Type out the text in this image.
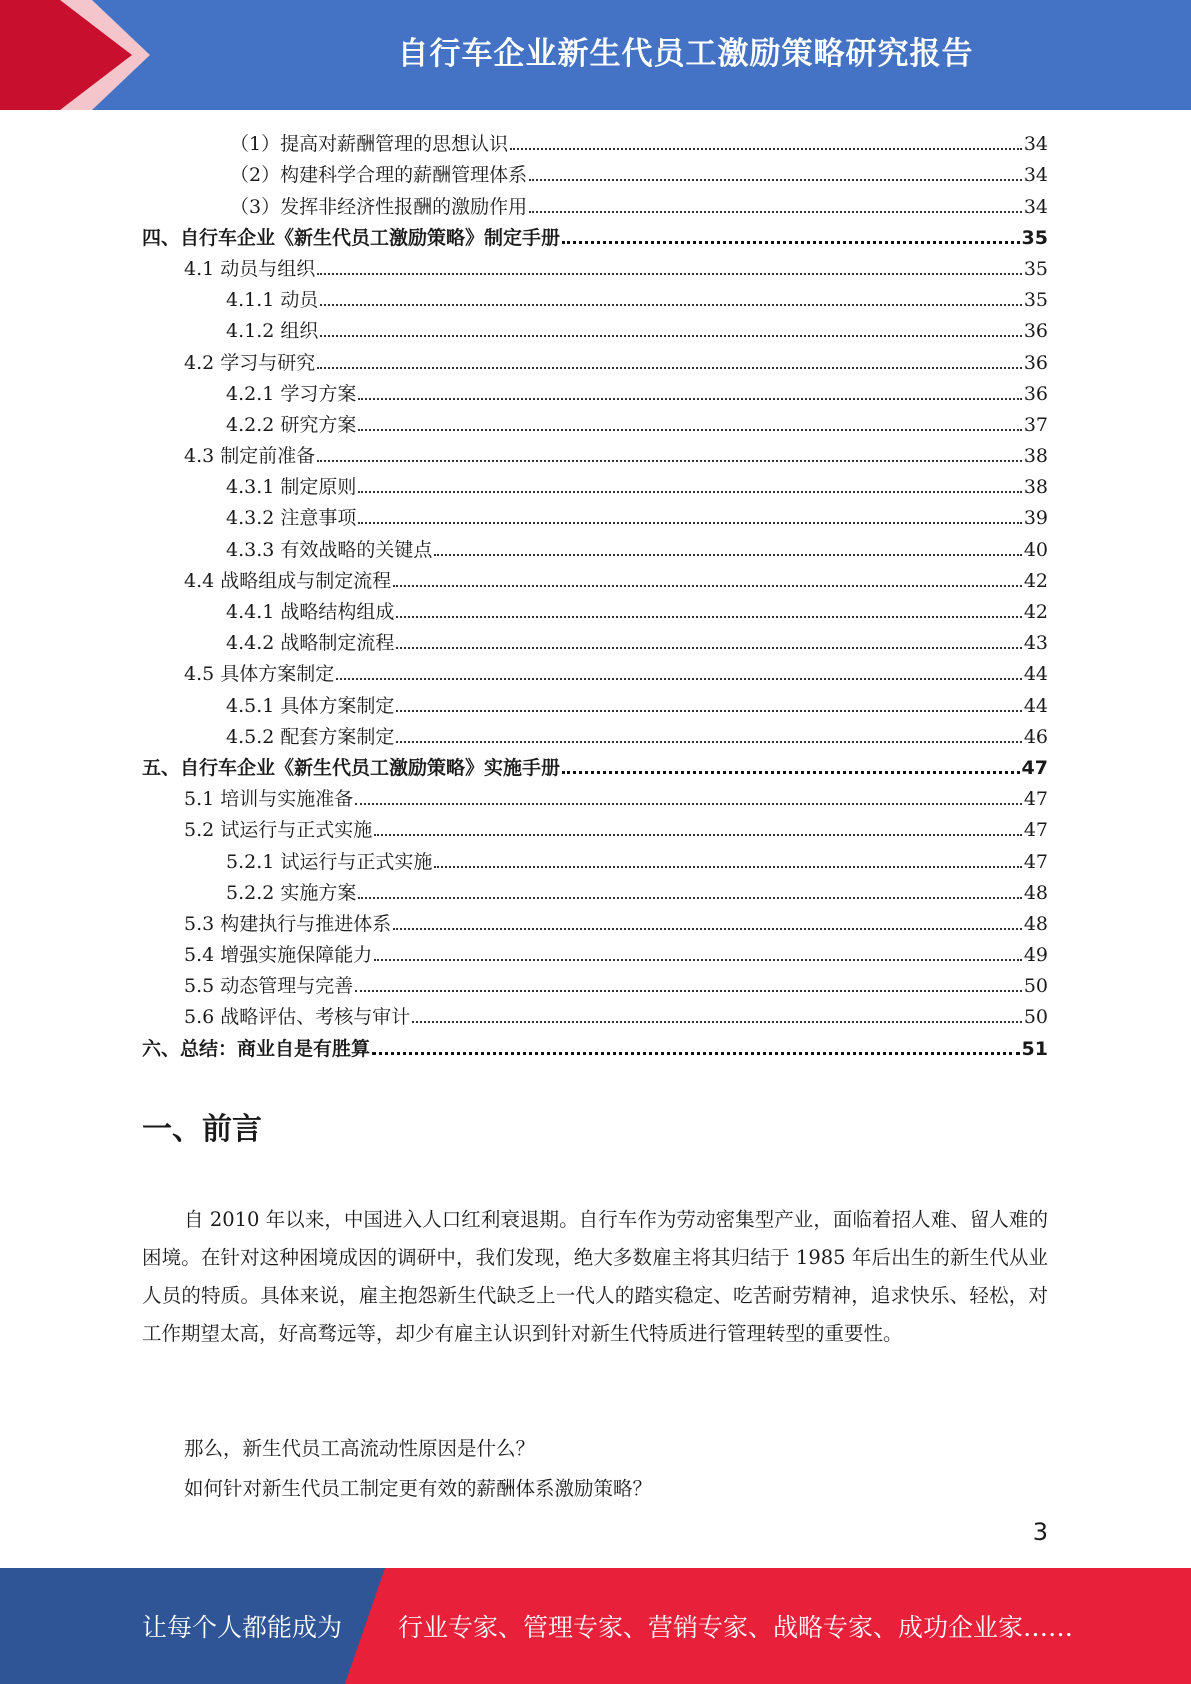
自行车企业新生代员工激励策略研究报告
（1）提高对薪酬管理的思想认识	34
（2）构建科学合理的薪酬管理体系	34
（3）发挥非经济性报酬的激励作用	34
四、自行车企业《新生代员工激励策略》制定手册	35
4.1 动员与组织	35
4.1.1 动员	35
4.1.2 组织	36
4.2 学习与研究	36
4.2.1 学习方案	36
4.2.2 研究方案	37
4.3 制定前准备	38
4.3.1 制定原则	38
4.3.2 注意事项	39
4.3.3 有效战略的关键点	40
4.4 战略组成与制定流程	42
4.4.1 战略结构组成	42
4.4.2 战略制定流程	43
4.5 具体方案制定	44
4.5.1 具体方案制定	44
4.5.2 配套方案制定	46
五、自行车企业《新生代员工激励策略》实施手册	47
5.1 培训与实施准备	47
5.2 试运行与正式实施	47
5.2.1 试运行与正式实施	47
5.2.2 实施方案	48
5.3 构建执行与推进体系	48
5.4 增强实施保障能力	49
5.5 动态管理与完善	50
5.6 战略评估、考核与审计	50
六、总结：商业自是有胜算	51
一、前言

自 2010 年以来，中国进入人口红利衰退期。自行车作为劳动密集型产业，面临着招人难、留人难的困境。在针对这种困境成因的调研中，我们发现，绝大多数雇主将其归结于 1985 年后出生的新生代从业人员的特质。具体来说，雇主抱怨新生代缺乏上一代人的踏实稳定、吃苦耐劳精神，追求快乐、轻松，对工作期望太高，好高骛远等，却少有雇主认识到针对新生代特质进行管理转型的重要性。

那么，新生代员工高流动性原因是什么？

如何针对新生代员工制定更有效的薪酬体系激励策略？

3
让每个人都能成为 行业专家、管理专家、营销专家、战略专家、成功企业家……
